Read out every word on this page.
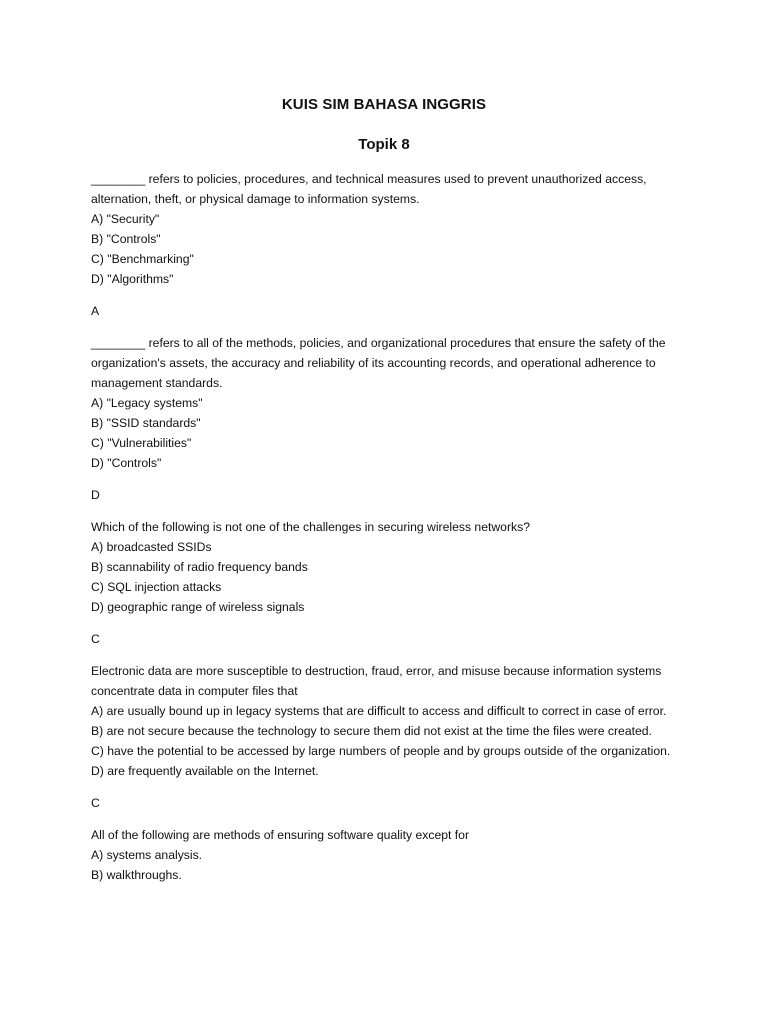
KUIS SIM BAHASA INGGRIS
Topik 8
________ refers to policies, procedures, and technical measures used to prevent unauthorized access, alternation, theft, or physical damage to information systems.
A) "Security"
B) "Controls"
C) "Benchmarking"
D) "Algorithms"
A
________ refers to all of the methods, policies, and organizational procedures that ensure the safety of the organization's assets, the accuracy and reliability of its accounting records, and operational adherence to management standards.
A) "Legacy systems"
B) "SSID standards"
C) "Vulnerabilities"
D) "Controls"
D
Which of the following is not one of the challenges in securing wireless networks?
A) broadcasted SSIDs
B) scannability of radio frequency bands
C) SQL injection attacks
D) geographic range of wireless signals
C
Electronic data are more susceptible to destruction, fraud, error, and misuse because information systems concentrate data in computer files that
A) are usually bound up in legacy systems that are difficult to access and difficult to correct in case of error.
B) are not secure because the technology to secure them did not exist at the time the files were created.
C) have the potential to be accessed by large numbers of people and by groups outside of the organization.
D) are frequently available on the Internet.
C
All of the following are methods of ensuring software quality except for
A) systems analysis.
B) walkthroughs.
